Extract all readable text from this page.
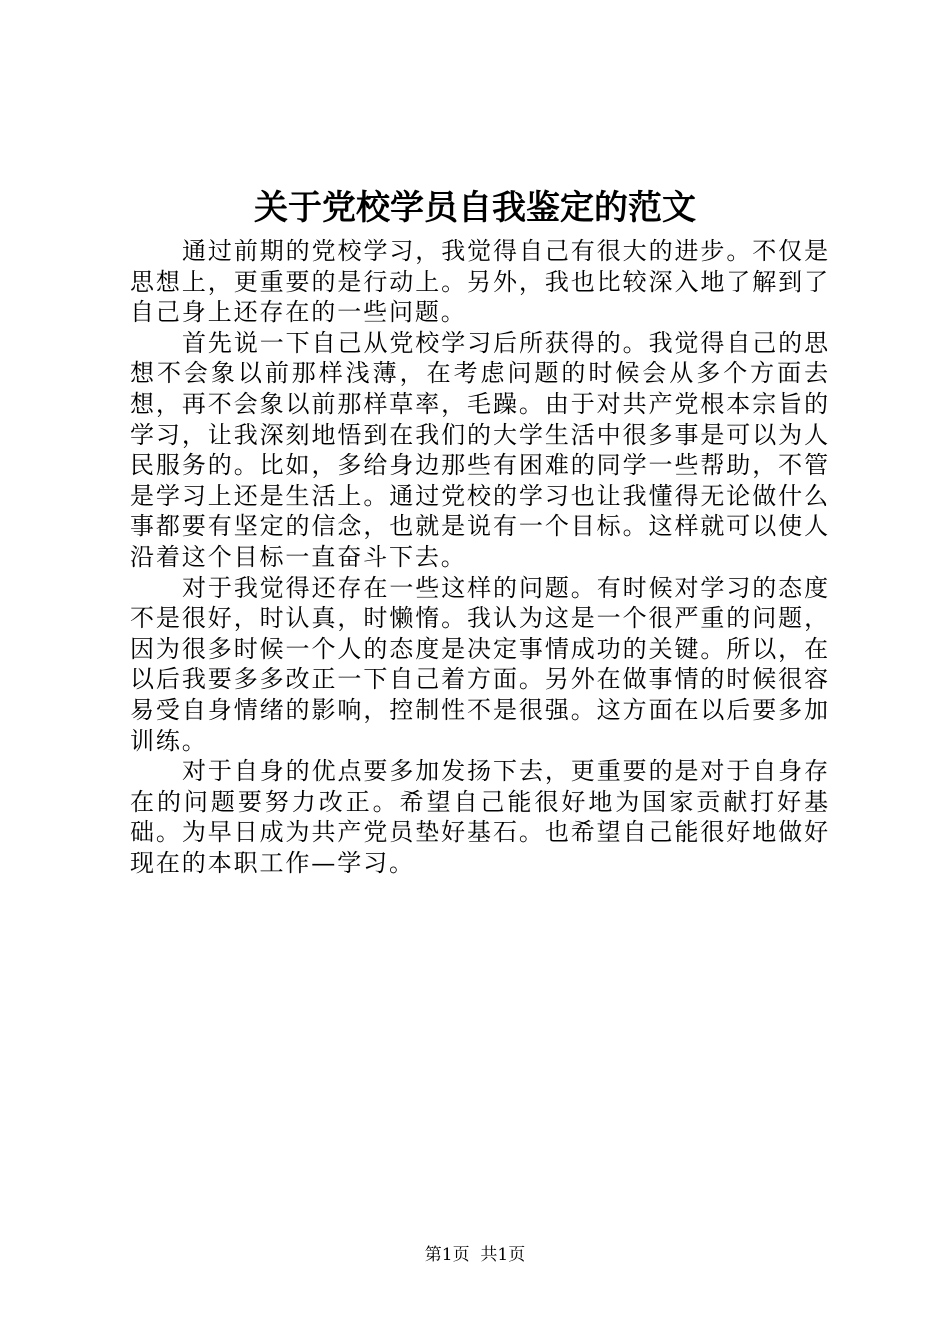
关于党校学员自我鉴定的范文

通过前期的党校学习，我觉得自己有很大的进步。不仅是思想上，更重要的是行动上。另外，我也比较深入地了解到了自己身上还存在的一些问题。

首先说一下自己从党校学习后所获得的。我觉得自己的思想不会象以前那样浅薄，在考虑问题的时候会从多个方面去想，再不会象以前那样草率，毛躁。由于对共产党根本宗旨的学习，让我深刻地悟到在我们的大学生活中很多事是可以为人民服务的。比如，多给身边那些有困难的同学一些帮助，不管是学习上还是生活上。通过党校的学习也让我懂得无论做什么事都要有坚定的信念，也就是说有一个目标。这样就可以使人沿着这个目标一直奋斗下去。

对于我觉得还存在一些这样的问题。有时候对学习的态度不是很好，时认真，时懒惰。我认为这是一个很严重的问题，因为很多时候一个人的态度是决定事情成功的关键。所以，在以后我要多多改正一下自己着方面。另外在做事情的时候很容易受自身情绪的影响，控制性不是很强。这方面在以后要多加训练。

对于自身的优点要多加发扬下去，更重要的是对于自身存在的问题要努力改正。希望自己能很好地为国家贡献打好基础。为早日成为共产党员垫好基石。也希望自己能很好地做好现在的本职工作—学习。

第1页  共1页
